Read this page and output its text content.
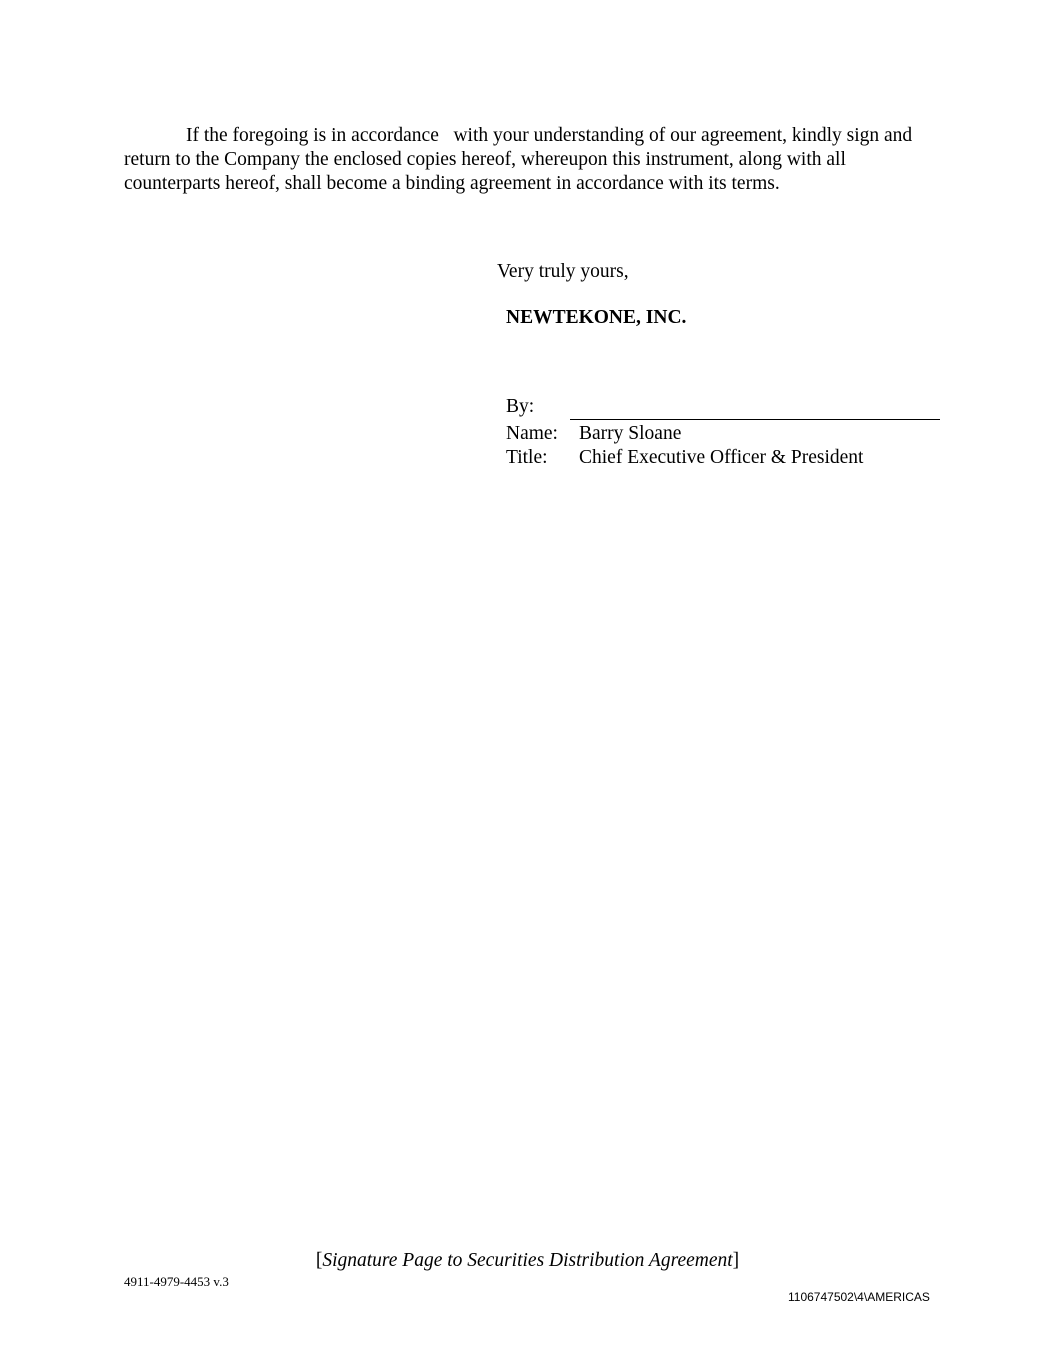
If the foregoing is in accordance   with your understanding of our agreement, kindly sign and return to the Company the enclosed copies hereof, whereupon this instrument, along with all counterparts hereof, shall become a binding agreement in accordance with its terms.

Very truly yours,

NEWTEKONE, INC.

By:
Name: Barry Sloane
Title: Chief Executive Officer & President
[Signature Page to Securities Distribution Agreement]
4911-4979-4453 v.3
1106747502\4\AMERICAS
